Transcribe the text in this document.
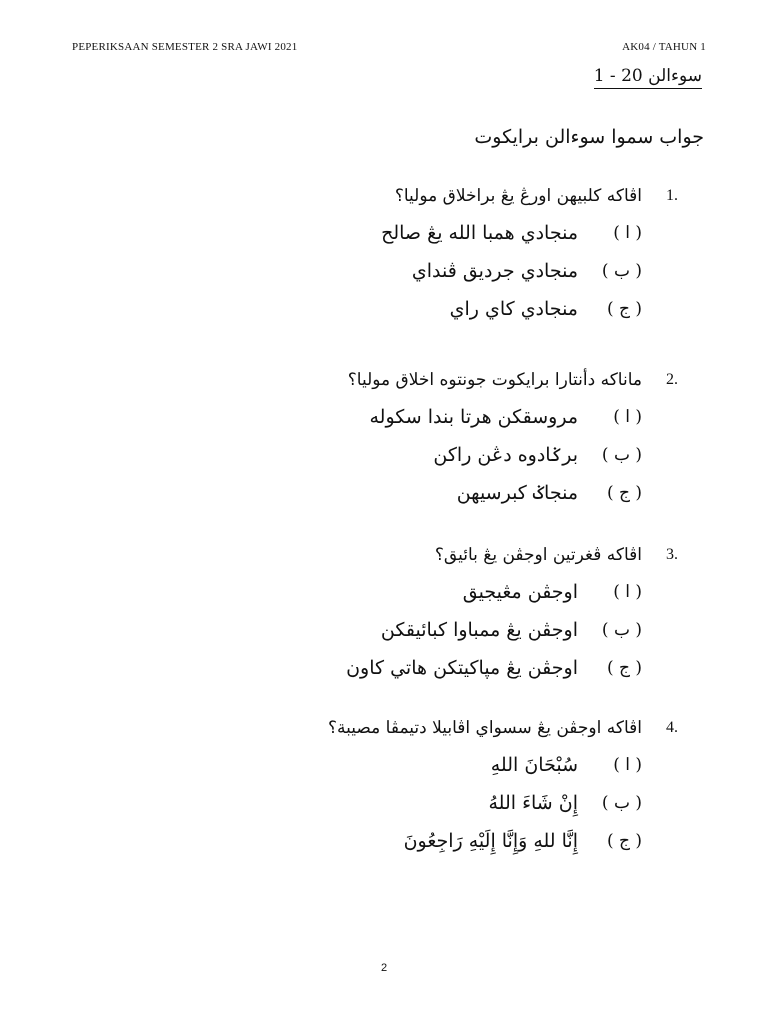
PEPERIKSAAN SEMESTER 2 SRA JAWI 2021	AK04 / TAHUN 1
سوءالن 20 - 1
جواب سموا سوءالن برايكوت
1.
اڤاكه كلبيهن اورڠ يڠ براخلاق موليا؟
( ا )
منجادي همبا الله يڠ صالح
( ب )
منجادي جرديق ڤنداي
( ج )
منجادي كاي راي
2.
ماناكه دأنتارا برايكوت جونتوه اخلاق موليا؟
( ا )
مروسقكن هرتا بندا سكوله
( ب )
برݢادوه دڠن راكن
( ج )
منجاݢ كبرسيهن
3.
اڤاكه ڤغرتين اوجڤن يڠ بائيق؟
( ا )
اوجڤن مڠيجيق
( ب )
اوجڤن يڠ ممباوا كبائيقكن
( ج )
اوجڤن يڠ مپاكيتكن هاتي كاون
4.
اڤاكه اوجڤن يڠ سسواي اڤابيلا دتيمڤا مصيبة؟
( ا )
سُبْحَانَ اللهِ
( ب )
إِنْ شَاءَ اللهُ
( ج )
إِنَّا للهِ وَإِنَّا إِلَيْهِ رَاجِعُونَ
2
